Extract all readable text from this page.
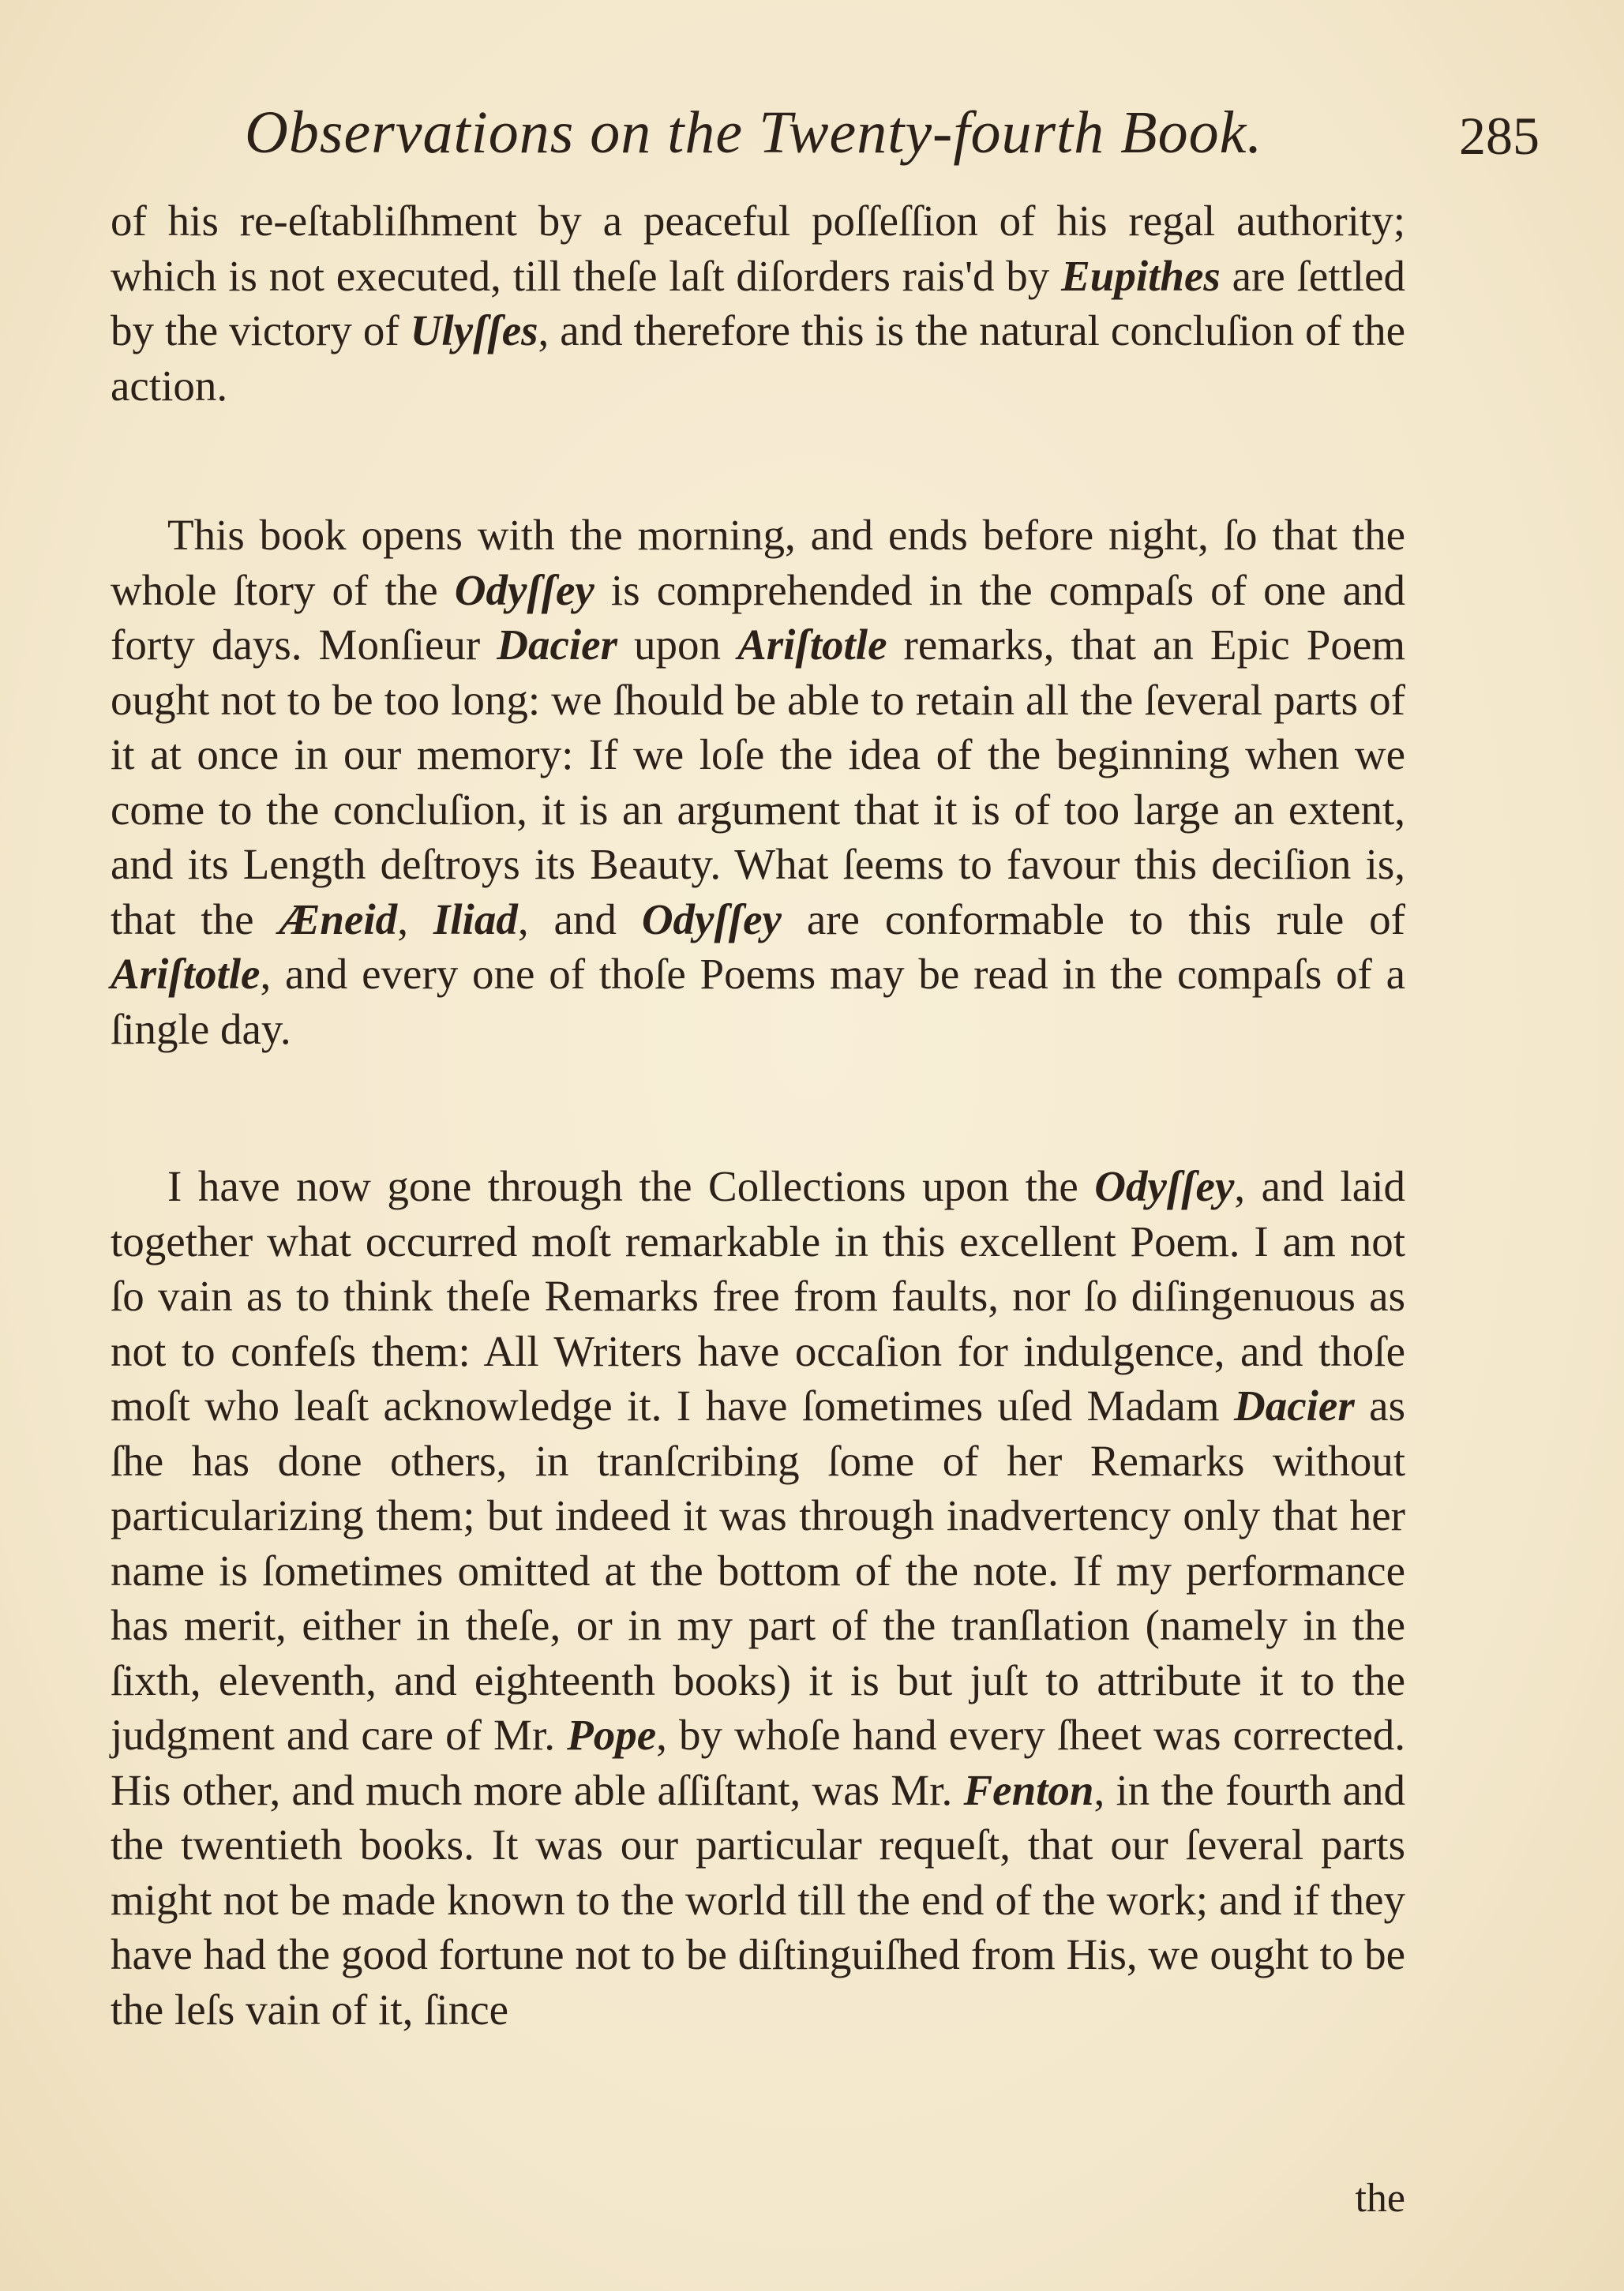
Observations on the Twenty-fourth Book.	285

of his re-eſtabliſhment by a peaceful poſſeſſion of his regal authority; which is not executed, till theſe laſt diſorders rais'd by Eupithes are ſettled by the victory of Ulyſſes, and therefore this is the natural concluſion of the action.

This book opens with the morning, and ends before night, ſo that the whole ſtory of the Odyſſey is comprehended in the compaſs of one and forty days. Monſieur Dacier upon Ariſtotle remarks, that an Epic Poem ought not to be too long: we ſhould be able to retain all the ſeveral parts of it at once in our memory: If we loſe the idea of the beginning when we come to the concluſion, it is an argument that it is of too large an extent, and its Length deſtroys its Beauty. What ſeems to favour this deciſion is, that the Æneid, Iliad, and Odyſſey are conformable to this rule of Ariſtotle, and every one of thoſe Poems may be read in the compaſs of a ſingle day.

I have now gone through the Collections upon the Odyſſey, and laid together what occurred moſt remarkable in this excellent Poem. I am not ſo vain as to think theſe Remarks free from faults, nor ſo diſingenuous as not to confeſs them: All Writers have occaſion for indulgence, and thoſe moſt who leaſt acknowledge it. I have ſometimes uſed Madam Dacier as ſhe has done others, in tranſcribing ſome of her Remarks without particularizing them; but indeed it was through inadvertency only that her name is ſometimes omitted at the bottom of the note. If my performance has merit, either in theſe, or in my part of the tranſlation (namely in the ſixth, eleventh, and eighteenth books) it is but juſt to attribute it to the judgment and care of Mr. Pope, by whoſe hand every ſheet was corrected. His other, and much more able aſſiſtant, was Mr. Fenton, in the fourth and the twentieth books. It was our particular requeſt, that our ſeveral parts might not be made known to the world till the end of the work; and if they have had the good fortune not to be diſtinguiſhed from His, we ought to be the leſs vain of it, ſince

the
